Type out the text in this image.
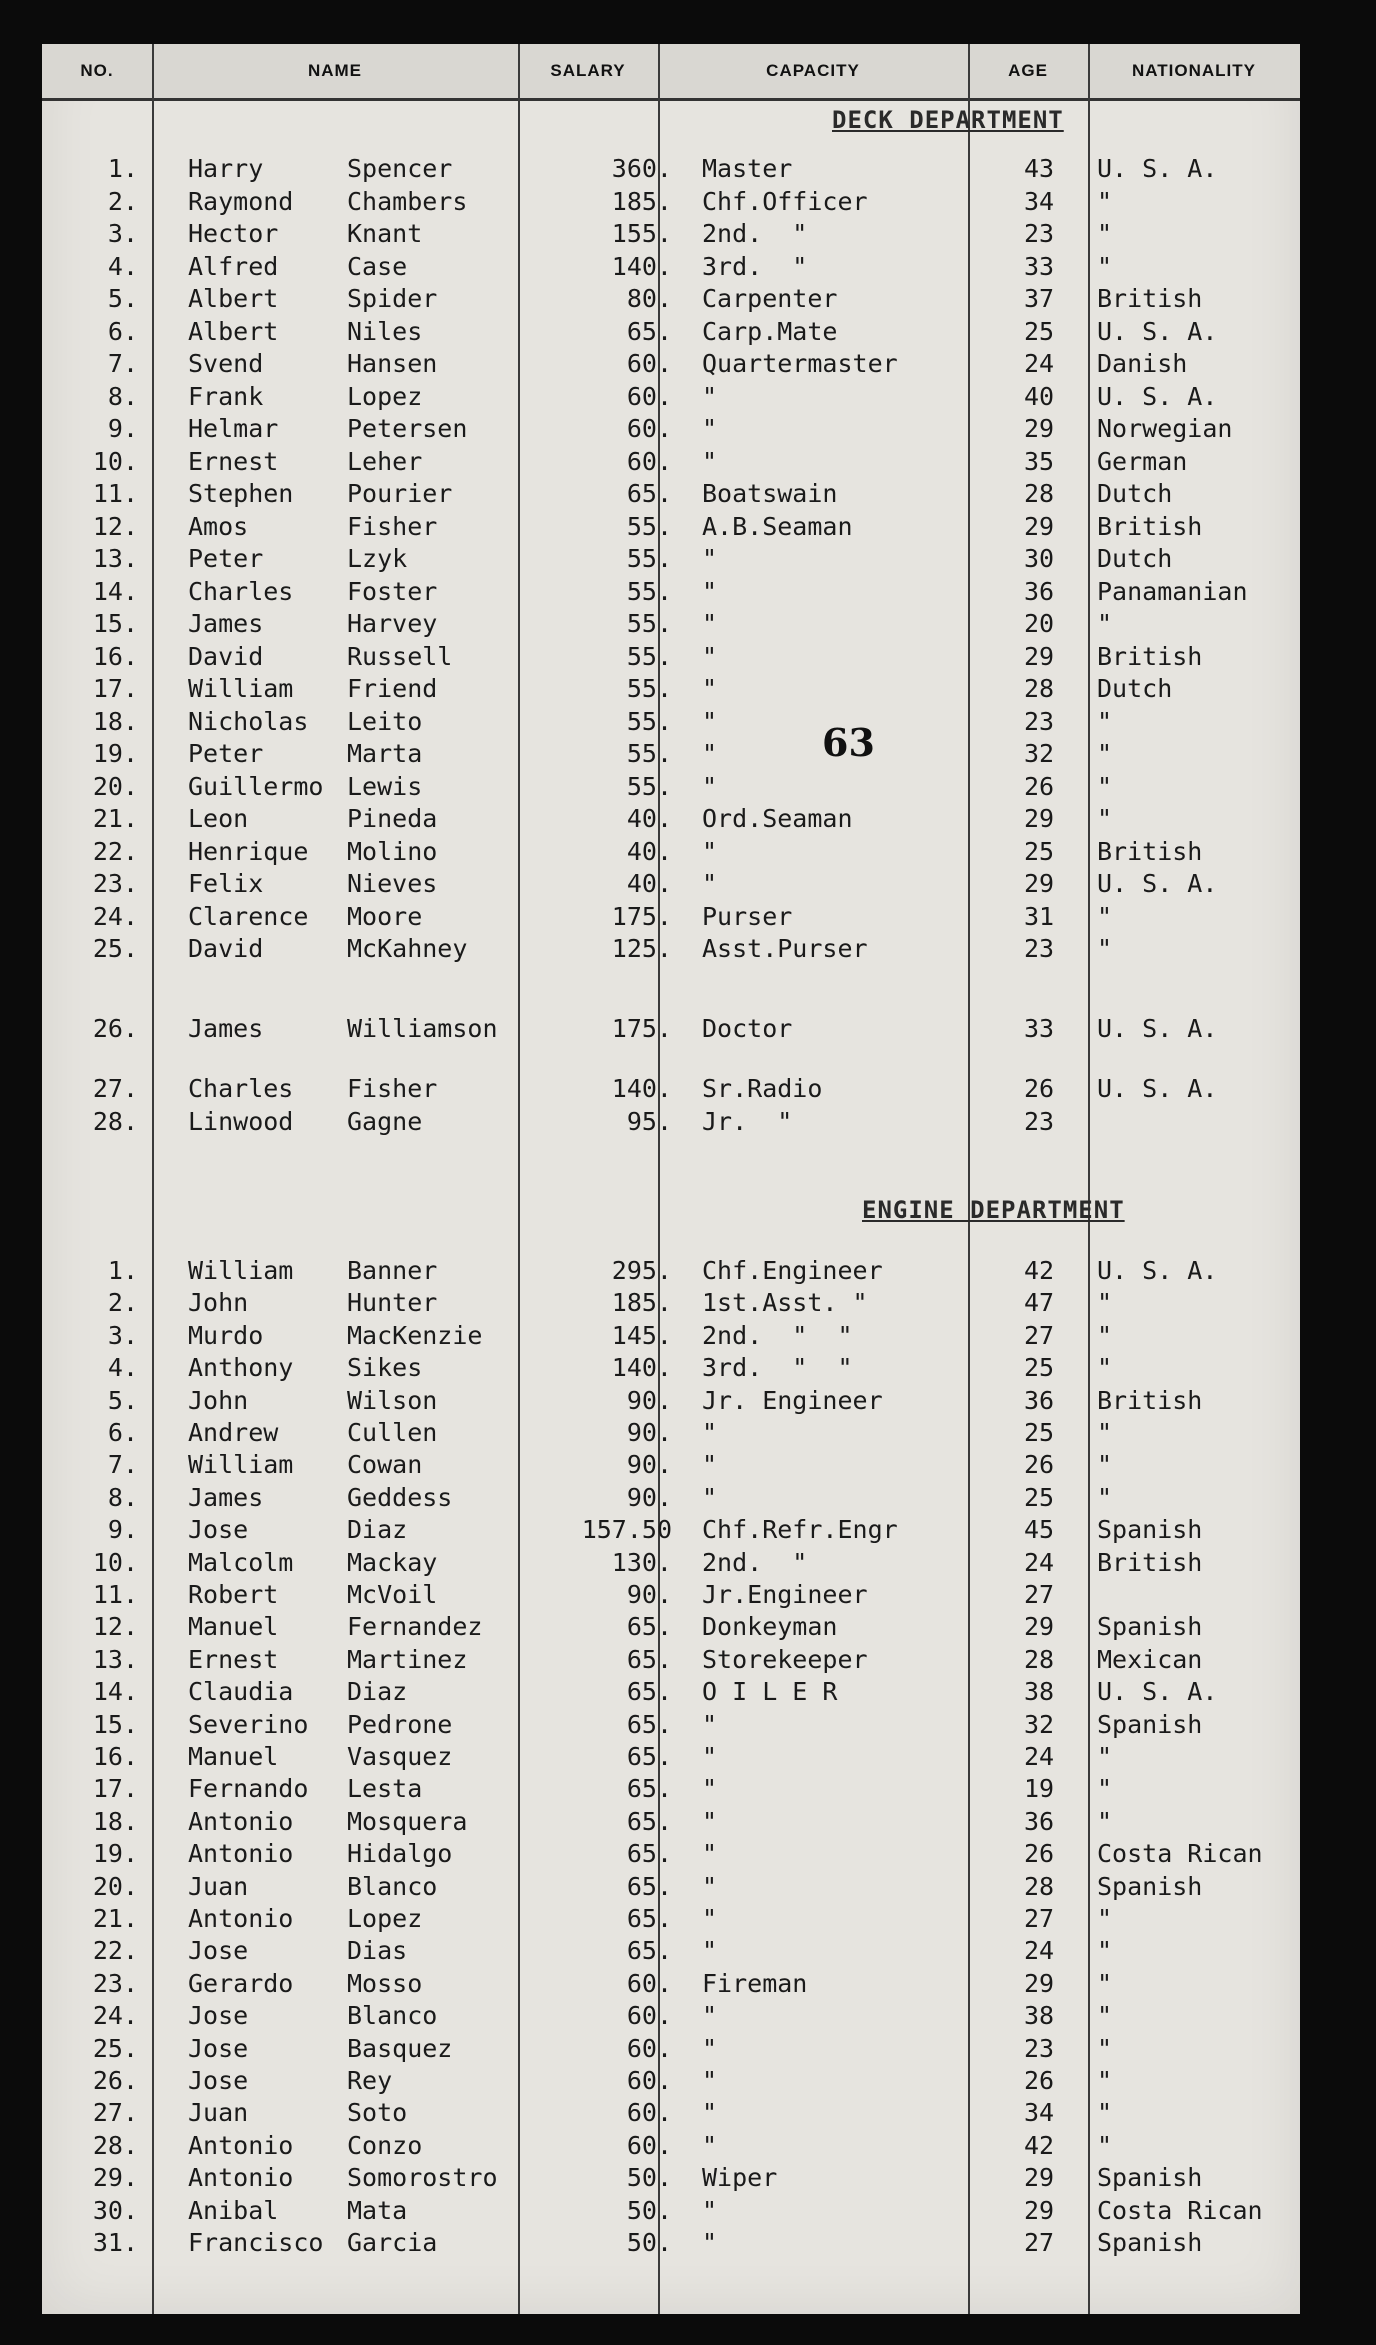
NO.	NAME	SALARY	CAPACITY	AGE	NATIONALITY
DECK DEPARTMENT
1. Harry	Spencer	360. Master	43	U. S. A.
2. Raymond Chambers	185. Chf.Officer	34	"
3. Hector	Knant	155. 2nd.  "	23	"
4. Alfred	Case	140. 3rd.  "	33	"
5. Albert	Spider	80. Carpenter	37	British
6. Albert	Niles	65. Carp.Mate	25	U. S. A.
7. Svend	Hansen	60. Quartermaster	24	Danish
8. Frank	Lopez	60. "	40	U. S. A.
9. Helmar	Petersen	60. "	29	Norwegian
10. Ernest	Leher	60. "	35	German
11. Stephen Pourier	65. Boatswain	28	Dutch
12. Amos	Fisher	55. A.B.Seaman	29	British
13. Peter	Lzyk	55. "	30	Dutch
14. Charles Foster	55. "	36	Panamanian
15. James	Harvey	55. "	20	"
16. David	Russell	55. "	29	British
17. William Friend	55. "	28	Dutch
18. Nicholas Leito	55. "	23	"
19. Peter	Marta	55. "	32	"
20. Guillermo Lewis	55. "	26	"
21. Leon	Pineda	40. Ord.Seaman	29	"
22. Henrique Molino	40. "	25	British
23. Felix	Nieves	40. "	29	U. S. A.
24. Clarence Moore	175. Purser	31	"
25. David	McKahney	125. Asst.Purser	23	"
26. James	Williamson	175. Doctor	33	U. S. A.
27. Charles Fisher	140. Sr.Radio	26	U. S. A.
28. Linwood Gagne	95. Jr.  "	23
63
ENGINE DEPARTMENT
1. William Banner	295. Chf.Engineer	42	U. S. A.
2. John	Hunter	185. 1st.Asst. "	47	"
3. Murdo	MacKenzie	145. 2nd.  "  "	27	"
4. Anthony Sikes	140. 3rd.  "  "	25	"
5. John	Wilson	90. Jr. Engineer	36	British
6. Andrew	Cullen	90. "	25	"
7. William Cowan	90. "	26	"
8. James	Geddess	90. "	25	"
9. Jose	Diaz	157.50 Chf.Refr.Engr	45	Spanish
10. Malcolm Mackay	130. 2nd.  "	24	British
11. Robert	McVoil	90. Jr.Engineer	27
12. Manuel	Fernandez	65. Donkeyman	29	Spanish
13. Ernest	Martinez	65. Storekeeper	28	Mexican
14. Claudia Diaz	65. O I L E R	38	U. S. A.
15. Severino Pedrone	65. "	32	Spanish
16. Manuel	Vasquez	65. "	24	"
17. Fernando Lesta	65. "	19	"
18. Antonio Mosquera	65. "	36	"
19. Antonio Hidalgo	65. "	26	Costa Rican
20. Juan	Blanco	65. "	28	Spanish
21. Antonio Lopez	65. "	27	"
22. Jose	Dias	65. "	24	"
23. Gerardo Mosso	60. Fireman	29	"
24. Jose	Blanco	60. "	38	"
25. Jose	Basquez	60. "	23	"
26. Jose	Rey	60. "	26	"
27. Juan	Soto	60. "	34	"
28. Antonio Conzo	60. "	42	"
29. Antonio Somorostro	50. Wiper	29	Spanish
30. Anibal	Mata	50. "	29	Costa Rican
31. Francisco Garcia	50. "	27	Spanish
